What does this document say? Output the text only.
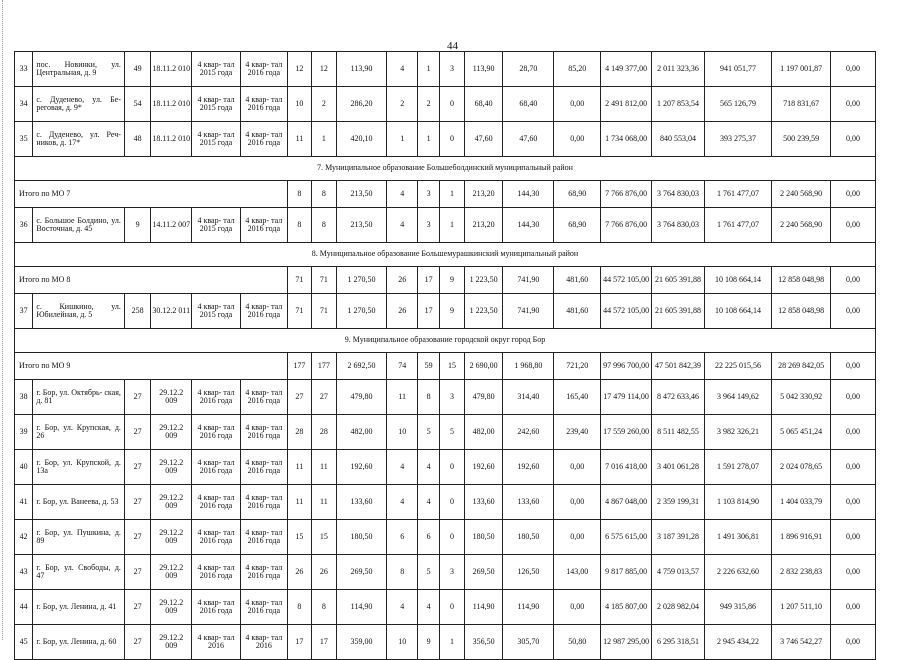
44
33	пос. Новинки, ул. Центральная, д. 9	49	18.11.2 010	4 квар- тал 2015 года	4 квар- тал 2016 года	12	12	113,90	4	1	3	113,90	28,70	85,20	4 149 377,00	2 011 323,36	941 051,77	1 197 001,87	0,00
34	с. Дуденево, ул. Бе- реговая, д. 9*	54	18.11.2 010	4 квар- тал 2015 года	4 квар- тал 2016 года	10	2	286,20	2	2	0	68,40	68,40	0,00	2 491 812,00	1 207 853,54	565 126,79	718 831,67	0,00
35	с. Дуденево, ул. Реч- ников, д. 17*	48	18.11.2 010	4 квар- тал 2015 года	4 квар- тал 2016 года	11	1	420,10	1	1	0	47,60	47,60	0,00	1 734 068,00	840 553,04	393 275,37	500 239,59	0,00
7. Муниципальное образование Большеболдинский муниципальный район																			
Итого по МО 7						8	8	213,50	4	3	1	213,20	144,30	68,90	7 766 876,00	3 764 830,03	1 761 477,07	2 240 568,90	0,00
36	с. Большое Болдино, ул. Восточная, д. 45	9	14.11.2 007	4 квар- тал 2015 года	4 квар- тал 2016 года	8	8	213,50	4	3	1	213,20	144,30	68,90	7 766 876,00	3 764 830,03	1 761 477,07	2 240 568,90	0,00
8. Муниципальное образование Большемурашкинский муниципальный район																			
Итого по МО 8						71	71	1 270,50	26	17	9	1 223,50	741,90	481,60	44 572 105,00	21 605 391,88	10 108 664,14	12 858 048,98	0,00
37	с. Кишкино, ул. Юбилейная, д. 5	258	30.12.2 011	4 квар- тал 2015 года	4 квар- тал 2016 года	71	71	1 270,50	26	17	9	1 223,50	741,90	481,60	44 572 105,00	21 605 391,88	10 108 664,14	12 858 048,98	0,00
9. Муниципальное образование городской округ город Бор																			
Итого по МО 9						177	177	2 692,50	74	59	15	2 690,00	1 968,80	721,20	97 996 700,00	47 501 842,39	22 225 015,56	28 269 842,05	0,00
38	г. Бор, ул. Октябрь- ская, д. 81	27	29.12.2 009	4 квар- тал 2016 года	4 квар- тал 2016 года	27	27	479,80	11	8	3	479,80	314,40	165,40	17 479 114,00	8 472 633,46	3 964 149,62	5 042 330,92	0,00
39	г. Бор, ул. Крупская, д. 26	27	29.12.2 009	4 квар- тал 2016 года	4 квар- тал 2016 года	28	28	482,00	10	5	5	482,00	242,60	239,40	17 559 260,00	8 511 482,55	3 982 326,21	5 065 451,24	0,00
40	г. Бор, ул. Крупской, д. 13а	27	29.12.2 009	4 квар- тал 2016 года	4 квар- тал 2016 года	11	11	192,60	4	4	0	192,60	192,60	0,00	7 016 418,00	3 401 061,28	1 591 278,07	2 024 078,65	0,00
41	г. Бор, ул. Ванеева, д. 53	27	29.12.2 009	4 квар- тал 2016 года	4 квар- тал 2016 года	11	11	133,60	4	4	0	133,60	133,60	0,00	4 867 048,00	2 359 199,31	1 103 814,90	1 404 033,79	0,00
42	г. Бор, ул. Пушкина, д. 89	27	29.12.2 009	4 квар- тал 2016 года	4 квар- тал 2016 года	15	15	180,50	6	6	0	180,50	180,50	0,00	6 575 615,00	3 187 391,28	1 491 306,81	1 896 916,91	0,00
43	г. Бор, ул. Свободы, д. 47	27	29.12.2 009	4 квар- тал 2016 года	4 квар- тал 2016 года	26	26	269,50	8	5	3	269,50	126,50	143,00	9 817 885,00	4 759 013,57	2 226 632,60	2 832 238,83	0,00
44	г. Бор, ул. Ленина, д. 41	27	29.12.2 009	4 квар- тал 2016 года	4 квар- тал 2016 года	8	8	114,90	4	4	0	114,90	114,90	0,00	4 185 807,00	2 028 982,04	949 315,86	1 207 511,10	0,00
45	г. Бор, ул. Ленина, д. 60	27	29.12.2 009	4 квар- тал 2016	4 квар- тал 2016	17	17	359,00	10	9	1	356,50	305,70	50,80	12 987 295,00	6 295 318,51	2 945 434,22	3 746 542,27	0,00
